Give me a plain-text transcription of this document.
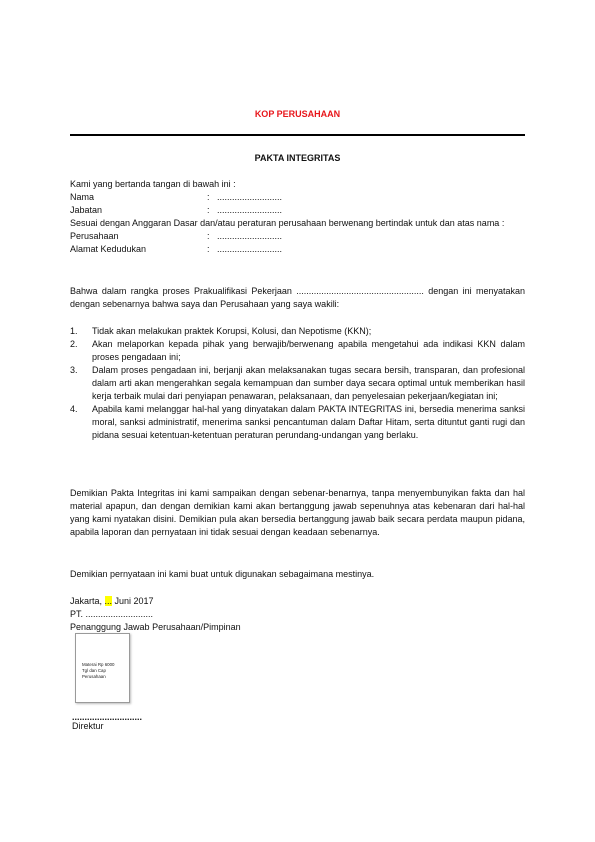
KOP PERUSAHAAN
PAKTA INTEGRITAS
Kami yang bertanda tangan di bawah ini :
Nama	: ..........................
Jabatan	: ..........................
Sesuai dengan Anggaran Dasar dan/atau peraturan perusahaan berwenang bertindak untuk dan atas nama :
Perusahaan	: ..........................
Alamat Kedudukan	: ..........................
Bahwa dalam rangka proses Prakualifikasi Pekerjaan ................................................... dengan ini menyatakan dengan sebenarnya bahwa saya dan Perusahaan yang saya wakili:
1.	Tidak akan melakukan praktek Korupsi, Kolusi, dan Nepotisme (KKN);
2.	Akan melaporkan kepada pihak yang berwajib/berwenang apabila mengetahui ada indikasi KKN dalam proses pengadaan ini;
3.	Dalam proses pengadaan ini, berjanji akan melaksanakan tugas secara bersih, transparan, dan profesional dalam arti akan mengerahkan segala kemampuan dan sumber daya secara optimal untuk memberikan hasil kerja terbaik mulai dari penyiapan penawaran, pelaksanaan, dan penyelesaian pekerjaan/kegiatan ini;
4.	Apabila kami melanggar hal-hal yang dinyatakan dalam PAKTA INTEGRITAS ini, bersedia menerima sanksi moral, sanksi administratif, menerima sanksi pencantuman dalam Daftar Hitam, serta dituntut ganti rugi dan pidana sesuai ketentuan-ketentuan peraturan perundang-undangan yang berlaku.
Demikian Pakta Integritas ini kami sampaikan dengan sebenar-benarnya, tanpa menyembunyikan fakta dan hal material apapun, dan dengan demikian kami akan bertanggung jawab sepenuhnya atas kebenaran dari hal-hal yang kami nyatakan disini. Demikian pula akan bersedia bertanggung jawab baik secara perdata maupun pidana, apabila laporan dan pernyataan ini tidak sesuai dengan keadaan sebenarnya.
Demikian pernyataan ini kami buat untuk digunakan sebagaimana mestinya.
Jakarta, ... Juni 2017
PT. ...........................
Penanggung Jawab Perusahaan/Pimpinan
Materai Rp 6000
Tgl dan Cap
Perusahaan
............................
Direktur
